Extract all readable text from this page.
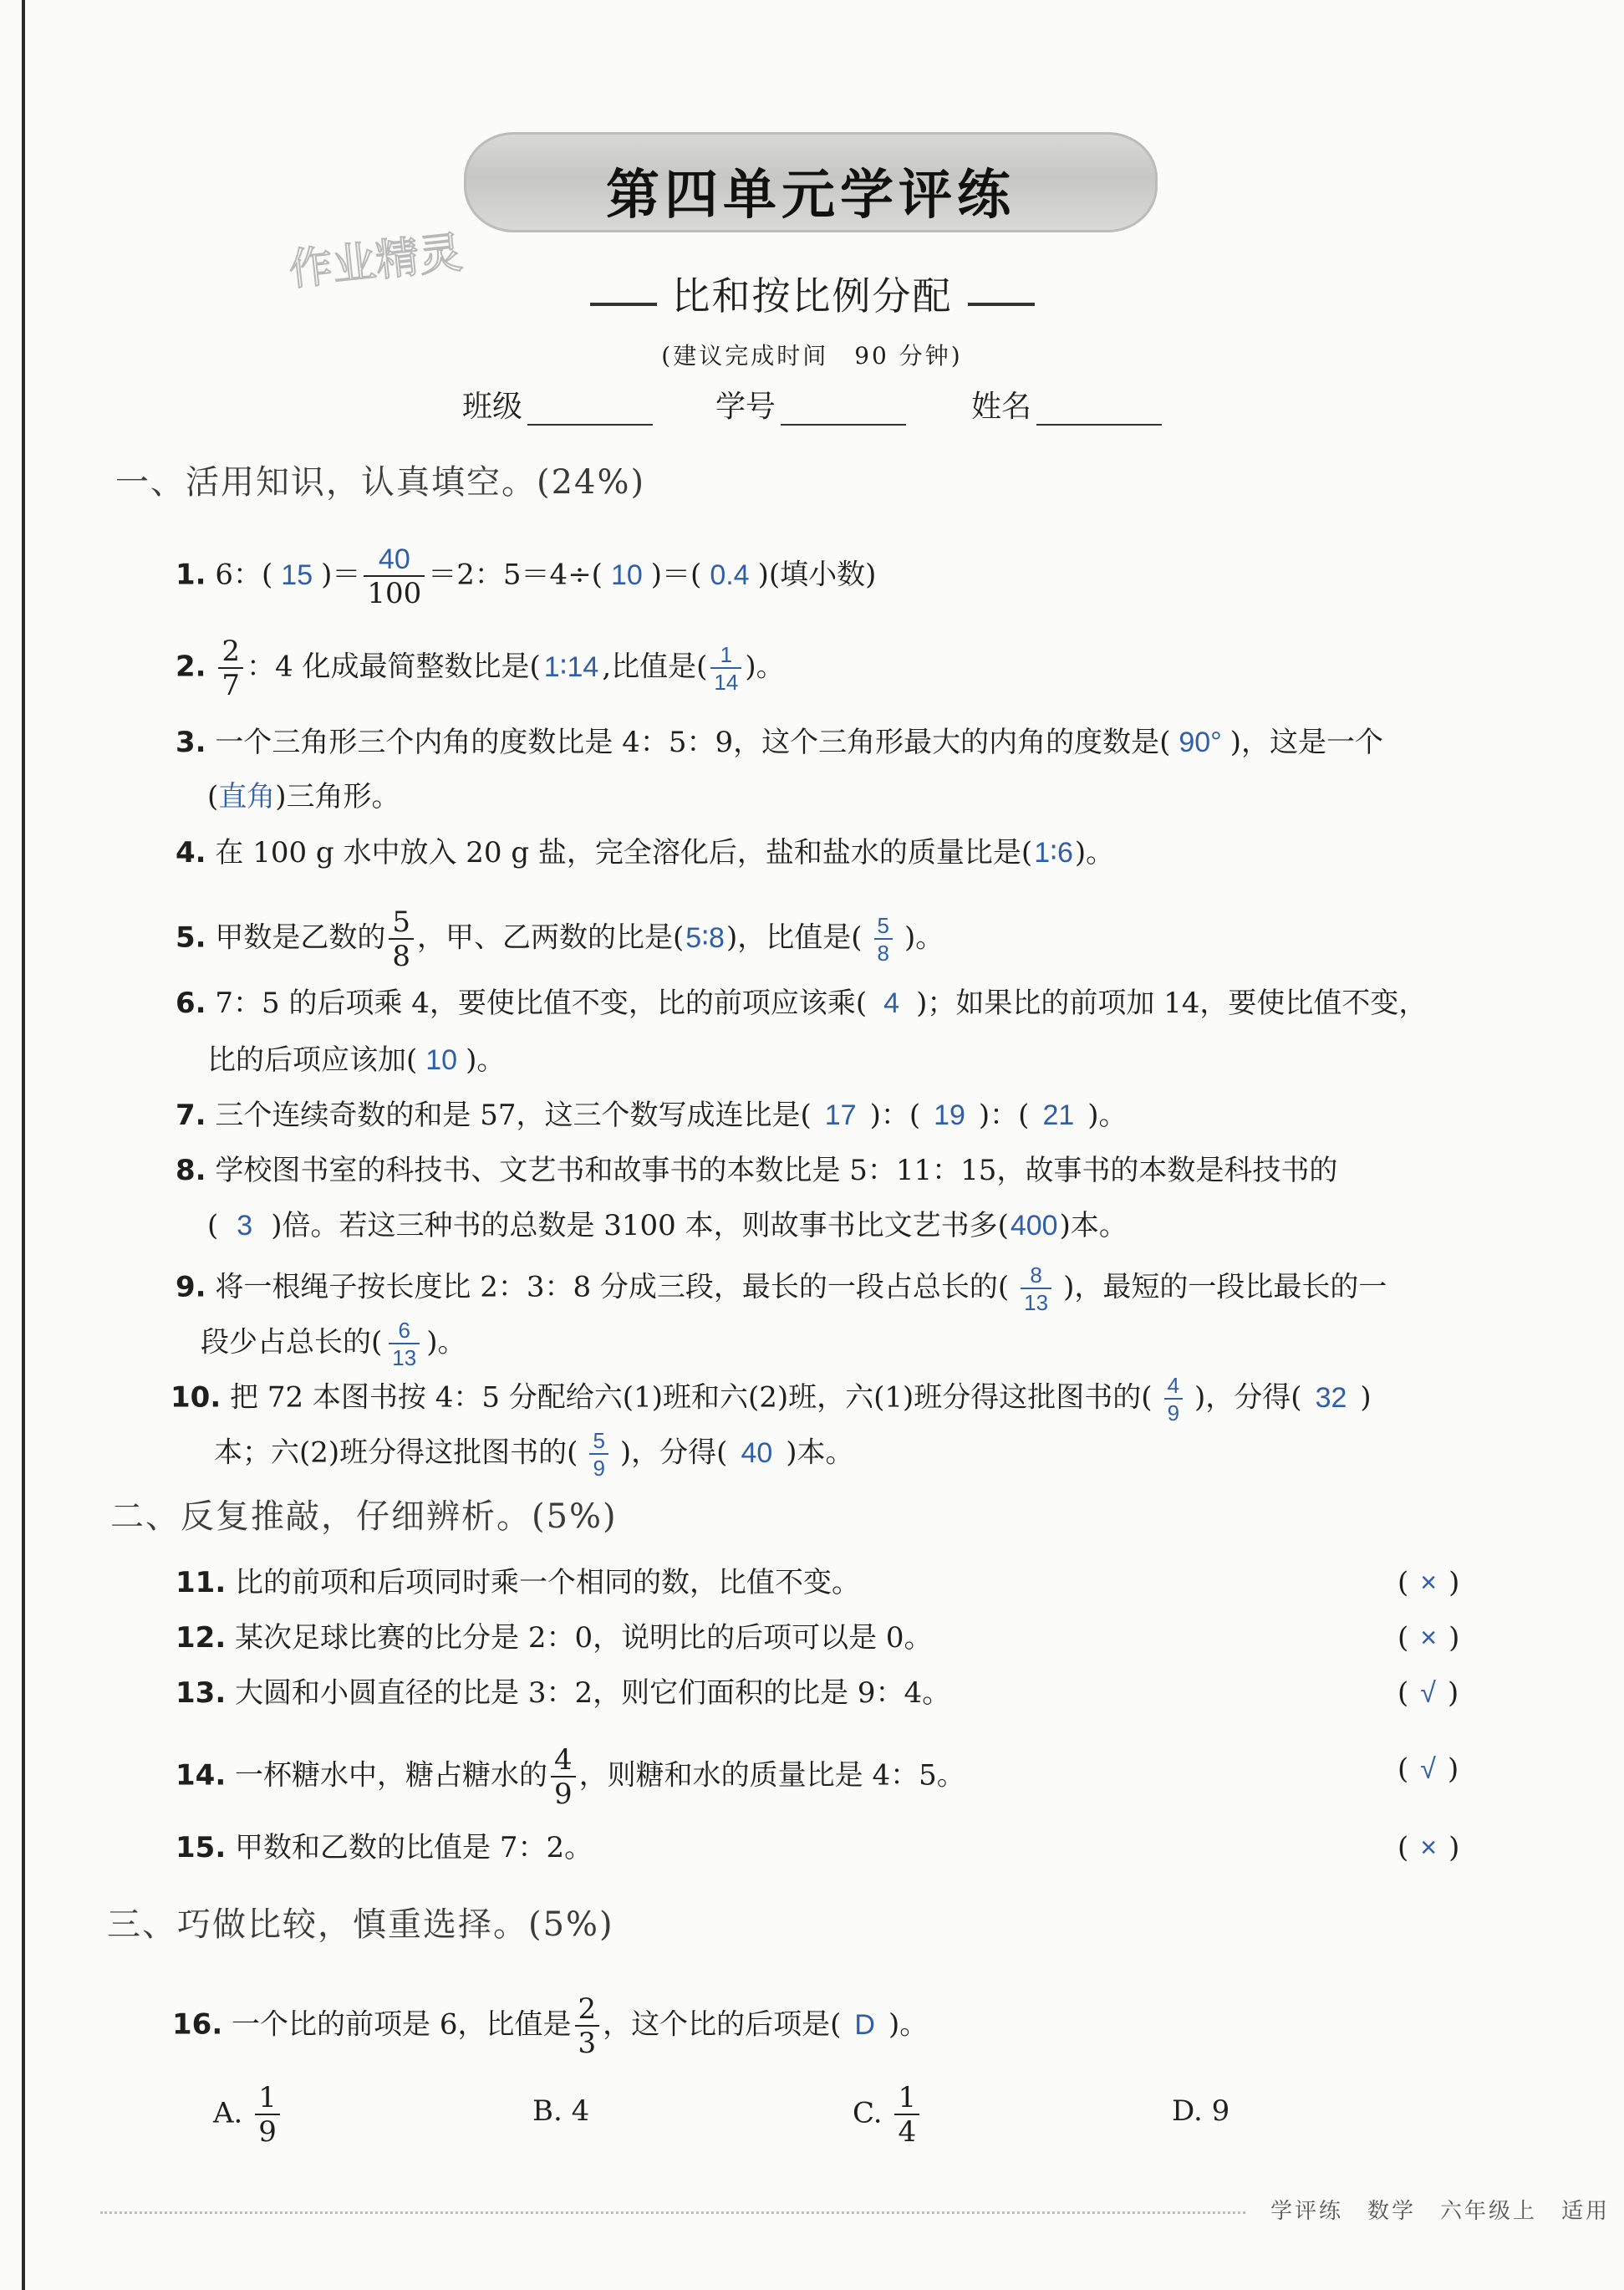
第四单元学评练
作业精灵
比和按比例分配
(建议完成时间　90 分钟)
班级	学号	姓名
一、活用知识，认真填空。(24%)
1. 6：( 15 )＝ $\frac{40}{100} =2$：5＝4÷( 10 )＝( 0.4 )(填小数)
2. $\frac{2}{7}$ ：4 化成最简整数比是( 1∶14 ,比值是( $\frac{1}{14}$ )。
3. 一个三角形三个内角的度数比是 4：5：9，这个三角形最大的内角的度数是( 90° )，这是一个
(直角)三角形。
4. 在 100 g 水中放入 20 g 盐，完全溶化后，盐和盐水的质量比是(1∶6)。
5. 甲数是乙数的 $\frac{5}{8}$ ，甲、乙两数的比是(5∶8)，比值是( $\frac{5}{8}$ )。
6. 7：5 的后项乘 4，要使比值不变，比的前项应该乘( 4 )；如果比的前项加 14，要使比值不变，
比的后项应该加( 10 )。
7. 三个连续奇数的和是 57，这三个数写成连比是( 17 )：( 19 )：( 21 )。
8. 学校图书室的科技书、文艺书和故事书的本数比是 5：11：15，故事书的本数是科技书的
( 3 )倍。若这三种书的总数是 3100 本，则故事书比文艺书多(400)本。
9. 将一根绳子按长度比 2：3：8 分成三段，最长的一段占总长的( $\frac{8}{13}$ )，最短的一段比最长的一
段少占总长的( $\frac{6}{13}$ )。
10. 把 72 本图书按 4：5 分配给六(1)班和六(2)班，六(1)班分得这批图书的( $\frac{4}{9}$ )，分得( 32 )
本；六(2)班分得这批图书的( $\frac{5}{9}$ )，分得( 40 )本。
二、反复推敲，仔细辨析。(5%)
11. 比的前项和后项同时乘一个相同的数，比值不变。	( × )
12. 某次足球比赛的比分是 2：0，说明比的后项可以是 0。	( × )
13. 大圆和小圆直径的比是 3：2，则它们面积的比是 9：4。	( √ )
14. 一杯糖水中，糖占糖水的 $\frac{4}{9}$ ，则糖和水的质量比是 4：5。	( √ )
15. 甲数和乙数的比值是 7：2。	( × )
三、巧做比较，慎重选择。(5%)
16. 一个比的前项是 6，比值是 $\frac{2}{3}$ ，这个比的后项是( D )。
A. $\frac{1}{9}$	B. 4	C. $\frac{1}{4}$	D. 9
学评练　数学　六年级上　适用
